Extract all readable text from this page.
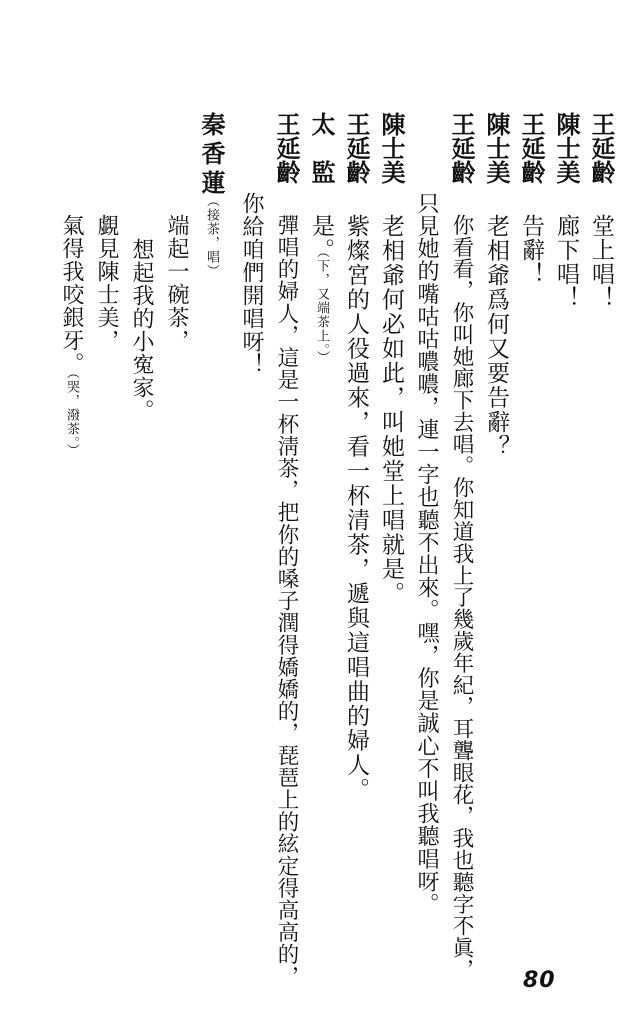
王延齡
堂上唱！
陳士美
廊下唱！
王延齡
告辭！
陳士美
老相爺爲何又要告辭？
王延齡
你看看，你叫她廊下去唱。你知道我上了幾歲年紀，耳聾眼花，我也聽字不眞，
只見她的嘴咕咕噥噥，連一字也聽不出來。嘿，你是誠心不叫我聽唱呀。
陳士美
老相爺何必如此，叫她堂上唱就是。
王延齡
紫燦宮的人役過來，看一杯清茶，遞與這唱曲的婦人。
太　監
是。
（下，又端茶上。）
王延齡
彈唱的婦人，這是一杯淸茶，把你的嗓子潤得嬌嬌的，琵琶上的絃定得高高的，
你給咱們開唱呀！
秦香蓮
（接茶，唱）
端起一碗茶，
想起我的小寃家。
覷見陳士美，
氣得我咬銀牙。
（哭，潑茶。）
80
